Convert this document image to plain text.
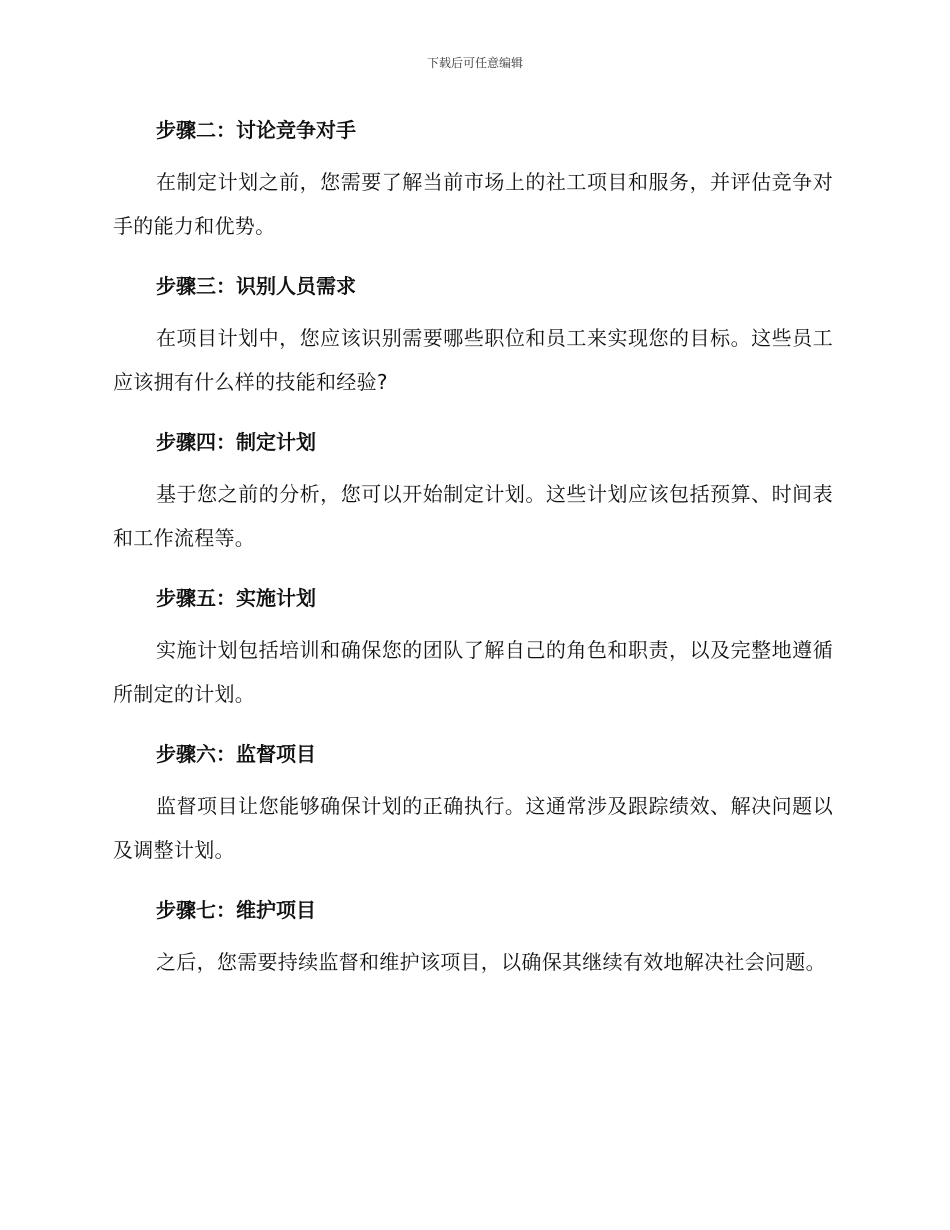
下载后可任意编辑
步骤二：讨论竞争对手

在制定计划之前，您需要了解当前市场上的社工项目和服务，并评估竞争对手的能力和优势。

步骤三：识别人员需求

在项目计划中，您应该识别需要哪些职位和员工来实现您的目标。这些员工应该拥有什么样的技能和经验?

步骤四：制定计划

基于您之前的分析，您可以开始制定计划。这些计划应该包括预算、时间表和工作流程等。

步骤五：实施计划

实施计划包括培训和确保您的团队了解自己的角色和职责，以及完整地遵循所制定的计划。

步骤六：监督项目

监督项目让您能够确保计划的正确执行。这通常涉及跟踪绩效、解决问题以及调整计划。

步骤七：维护项目

之后，您需要持续监督和维护该项目，以确保其继续有效地解决社会问题。
